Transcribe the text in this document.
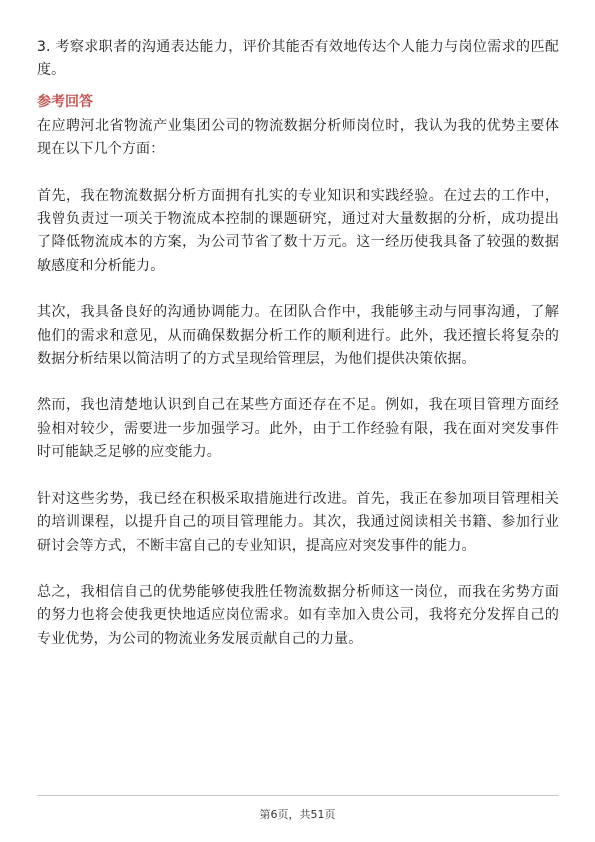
3. 考察求职者的沟通表达能力，评价其能否有效地传达个人能力与岗位需求的匹配度。

参考回答

在应聘河北省物流产业集团公司的物流数据分析师岗位时，我认为我的优势主要体现在以下几个方面：

首先，我在物流数据分析方面拥有扎实的专业知识和实践经验。在过去的工作中，我曾负责过一项关于物流成本控制的课题研究，通过对大量数据的分析，成功提出了降低物流成本的方案，为公司节省了数十万元。这一经历使我具备了较强的数据敏感度和分析能力。

其次，我具备良好的沟通协调能力。在团队合作中，我能够主动与同事沟通，了解他们的需求和意见，从而确保数据分析工作的顺利进行。此外，我还擅长将复杂的数据分析结果以简洁明了的方式呈现给管理层，为他们提供决策依据。

然而，我也清楚地认识到自己在某些方面还存在不足。例如，我在项目管理方面经验相对较少，需要进一步加强学习。此外，由于工作经验有限，我在面对突发事件时可能缺乏足够的应变能力。

针对这些劣势，我已经在积极采取措施进行改进。首先，我正在参加项目管理相关的培训课程，以提升自己的项目管理能力。其次，我通过阅读相关书籍、参加行业研讨会等方式，不断丰富自己的专业知识，提高应对突发事件的能力。

总之，我相信自己的优势能够使我胜任物流数据分析师这一岗位，而我在劣势方面的努力也将会使我更快地适应岗位需求。如有幸加入贵公司，我将充分发挥自己的专业优势，为公司的物流业务发展贡献自己的力量。

第6页，共51页
